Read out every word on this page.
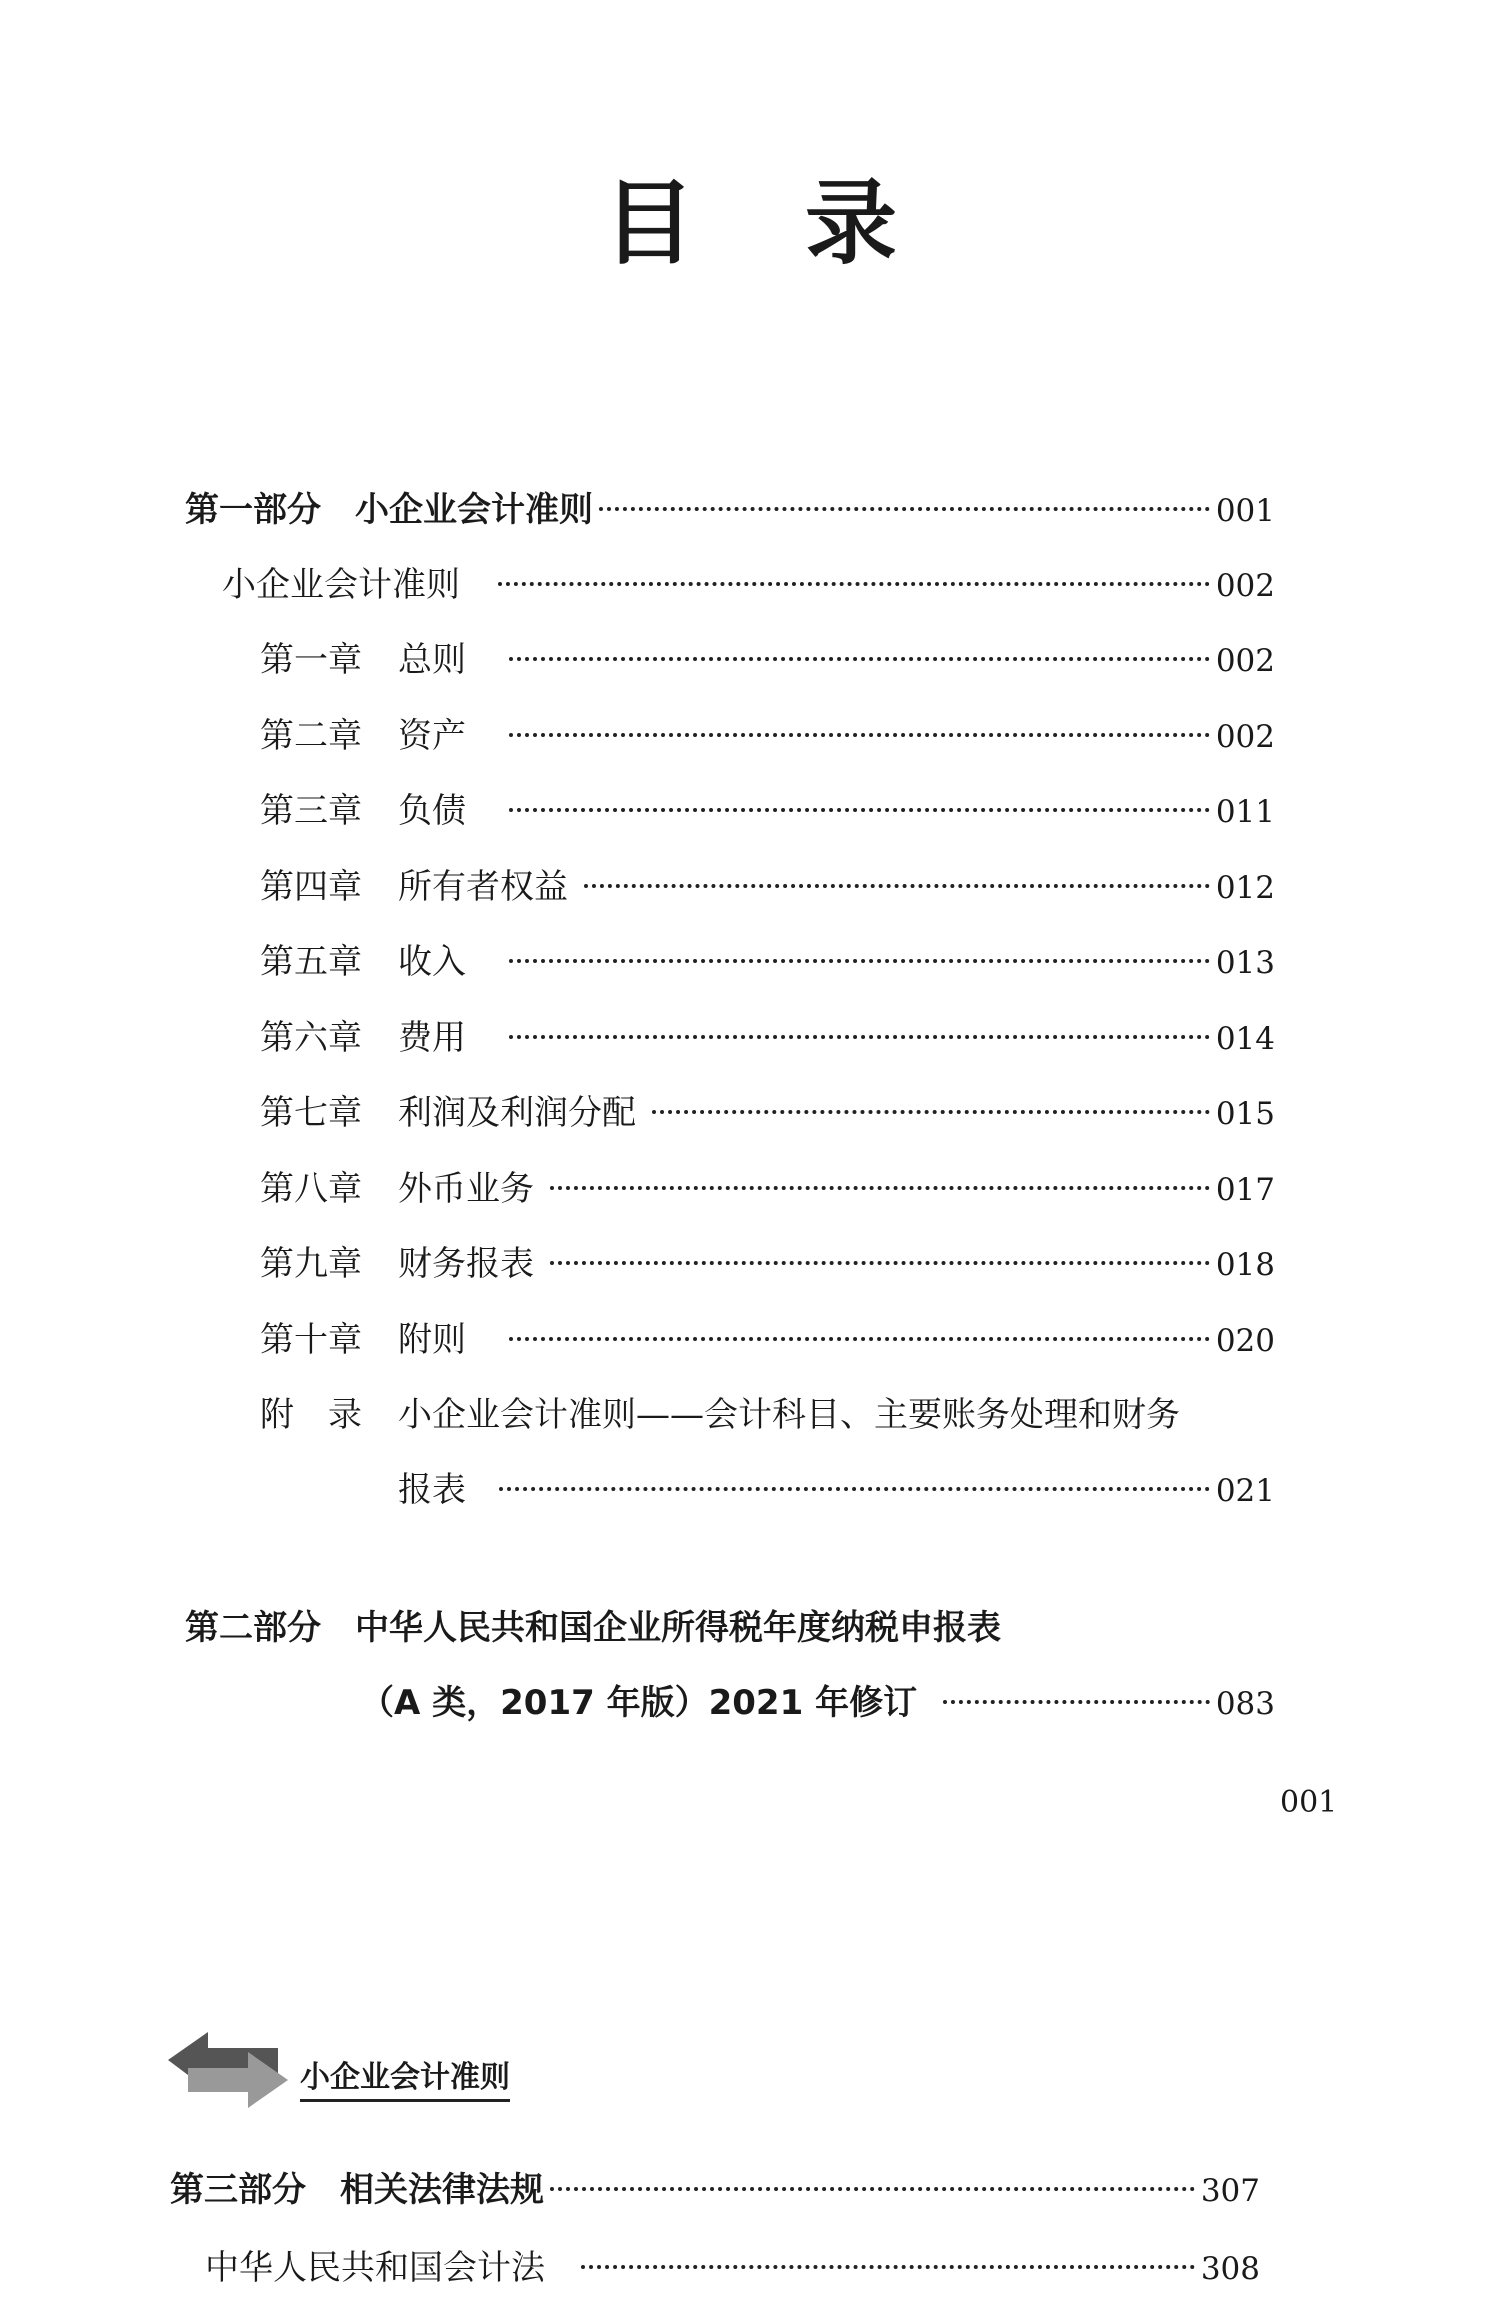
目 录
第一部分　小企业会计准则	001
小企业会计准则	002
第一章	总则	002
第二章	资产	002
第三章	负债	011
第四章	所有者权益	012
第五章	收入	013
第六章	费用	014
第七章	利润及利润分配	015
第八章	外币业务	017
第九章	财务报表	018
第十章	附则	020
附　录 小企业会计准则——会计科目、主要账务处理和财务
报表	021
第二部分　中华人民共和国企业所得税年度纳税申报表
（A 类，2017 年版）2021 年修订	083
001
小企业会计准则
第三部分　相关法律法规	307
中华人民共和国会计法	308
